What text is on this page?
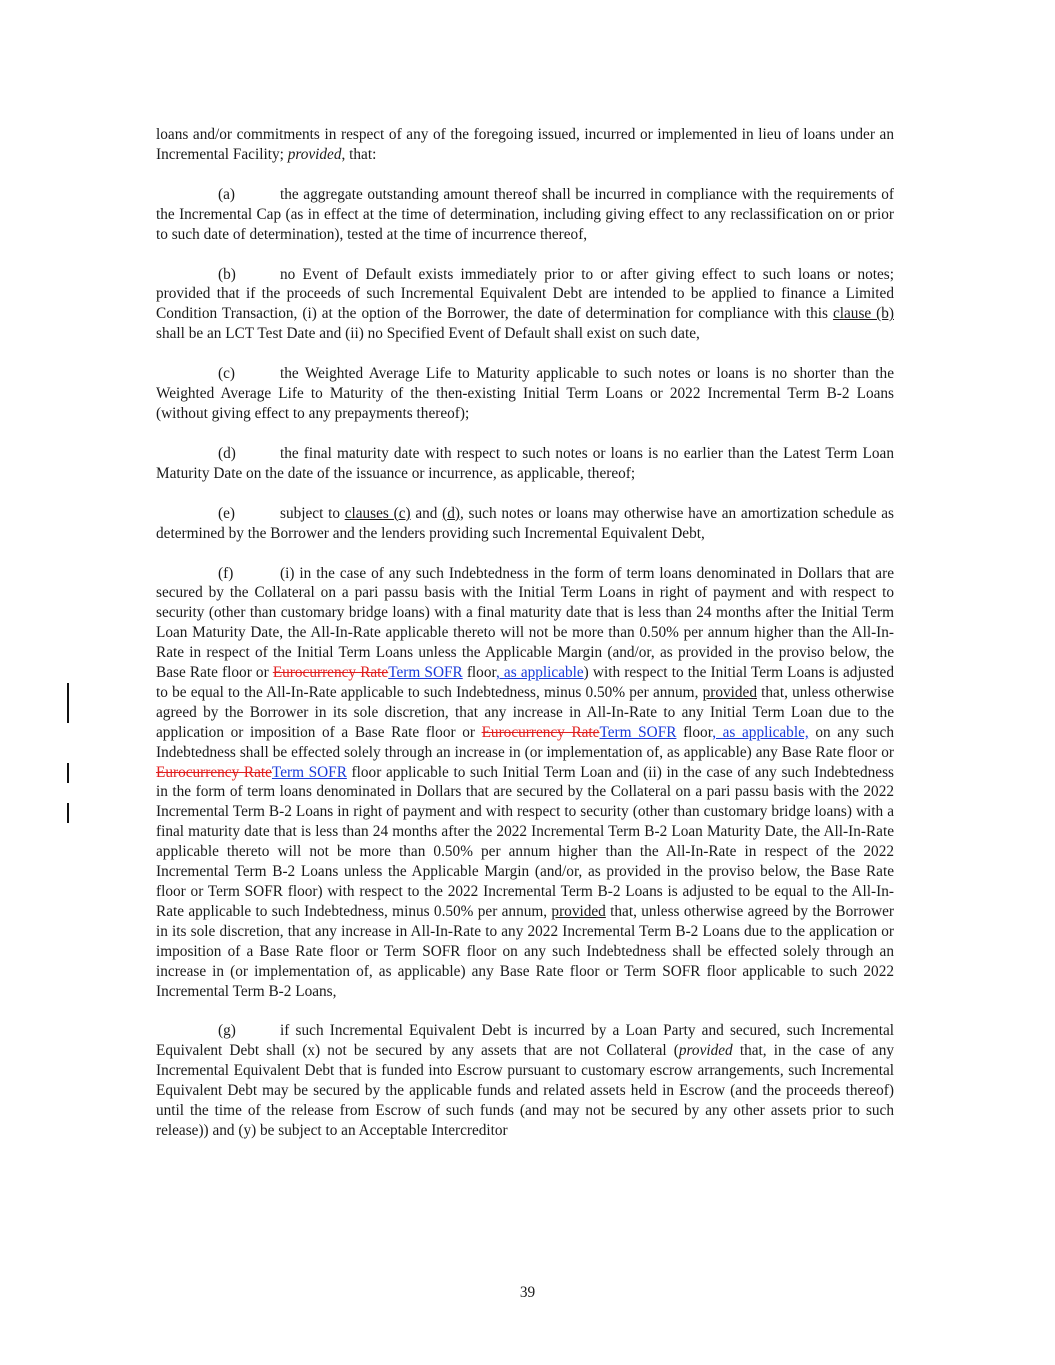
loans and/or commitments in respect of any of the foregoing issued, incurred or implemented in lieu of loans under an Incremental Facility; provided, that:

(a)	the aggregate outstanding amount thereof shall be incurred in compliance with the requirements of the Incremental Cap (as in effect at the time of determination, including giving effect to any reclassification on or prior to such date of determination), tested at the time of incurrence thereof,

(b)	no Event of Default exists immediately prior to or after giving effect to such loans or notes; provided that if the proceeds of such Incremental Equivalent Debt are intended to be applied to finance a Limited Condition Transaction, (i) at the option of the Borrower, the date of determination for compliance with this clause (b) shall be an LCT Test Date and (ii) no Specified Event of Default shall exist on such date,

(c)	the Weighted Average Life to Maturity applicable to such notes or loans is no shorter than the Weighted Average Life to Maturity of the then-existing Initial Term Loans or 2022 Incremental Term B-2 Loans (without giving effect to any prepayments thereof);

(d)	the final maturity date with respect to such notes or loans is no earlier than the Latest Term Loan Maturity Date on the date of the issuance or incurrence, as applicable, thereof;

(e)	subject to clauses (c) and (d), such notes or loans may otherwise have an amortization schedule as determined by the Borrower and the lenders providing such Incremental Equivalent Debt,

(f)	(i) in the case of any such Indebtedness in the form of term loans denominated in Dollars that are secured by the Collateral on a pari passu basis with the Initial Term Loans in right of payment and with respect to security (other than customary bridge loans) with a final maturity date that is less than 24 months after the Initial Term Loan Maturity Date, the All-In-Rate applicable thereto will not be more than 0.50% per annum higher than the All-In-Rate in respect of the Initial Term Loans unless the Applicable Margin (and/or, as provided in the proviso below, the Base Rate floor or Eurocurrency RateTerm SOFR floor, as applicable) with respect to the Initial Term Loans is adjusted to be equal to the All-In-Rate applicable to such Indebtedness, minus 0.50% per annum, provided that, unless otherwise agreed by the Borrower in its sole discretion, that any increase in All-In-Rate to any Initial Term Loan due to the application or imposition of a Base Rate floor or Eurocurrency RateTerm SOFR floor, as applicable, on any such Indebtedness shall be effected solely through an increase in (or implementation of, as applicable) any Base Rate floor or Eurocurrency RateTerm SOFR floor applicable to such Initial Term Loan and (ii) in the case of any such Indebtedness in the form of term loans denominated in Dollars that are secured by the Collateral on a pari passu basis with the 2022 Incremental Term B-2 Loans in right of payment and with respect to security (other than customary bridge loans) with a final maturity date that is less than 24 months after the 2022 Incremental Term B-2 Loan Maturity Date, the All-In-Rate applicable thereto will not be more than 0.50% per annum higher than the All-In-Rate in respect of the 2022 Incremental Term B-2 Loans unless the Applicable Margin (and/or, as provided in the proviso below, the Base Rate floor or Term SOFR floor) with respect to the 2022 Incremental Term B-2 Loans is adjusted to be equal to the All-In-Rate applicable to such Indebtedness, minus 0.50% per annum, provided that, unless otherwise agreed by the Borrower in its sole discretion, that any increase in All-In-Rate to any 2022 Incremental Term B-2 Loans due to the application or imposition of a Base Rate floor or Term SOFR floor on any such Indebtedness shall be effected solely through an increase in (or implementation of, as applicable) any Base Rate floor or Term SOFR floor applicable to such 2022 Incremental Term B-2 Loans,

(g)	if such Incremental Equivalent Debt is incurred by a Loan Party and secured, such Incremental Equivalent Debt shall (x) not be secured by any assets that are not Collateral (provided that, in the case of any Incremental Equivalent Debt that is funded into Escrow pursuant to customary escrow arrangements, such Incremental Equivalent Debt may be secured by the applicable funds and related assets held in Escrow (and the proceeds thereof) until the time of the release from Escrow of such funds (and may not be secured by any other assets prior to such release)) and (y) be subject to an Acceptable Intercreditor

39
